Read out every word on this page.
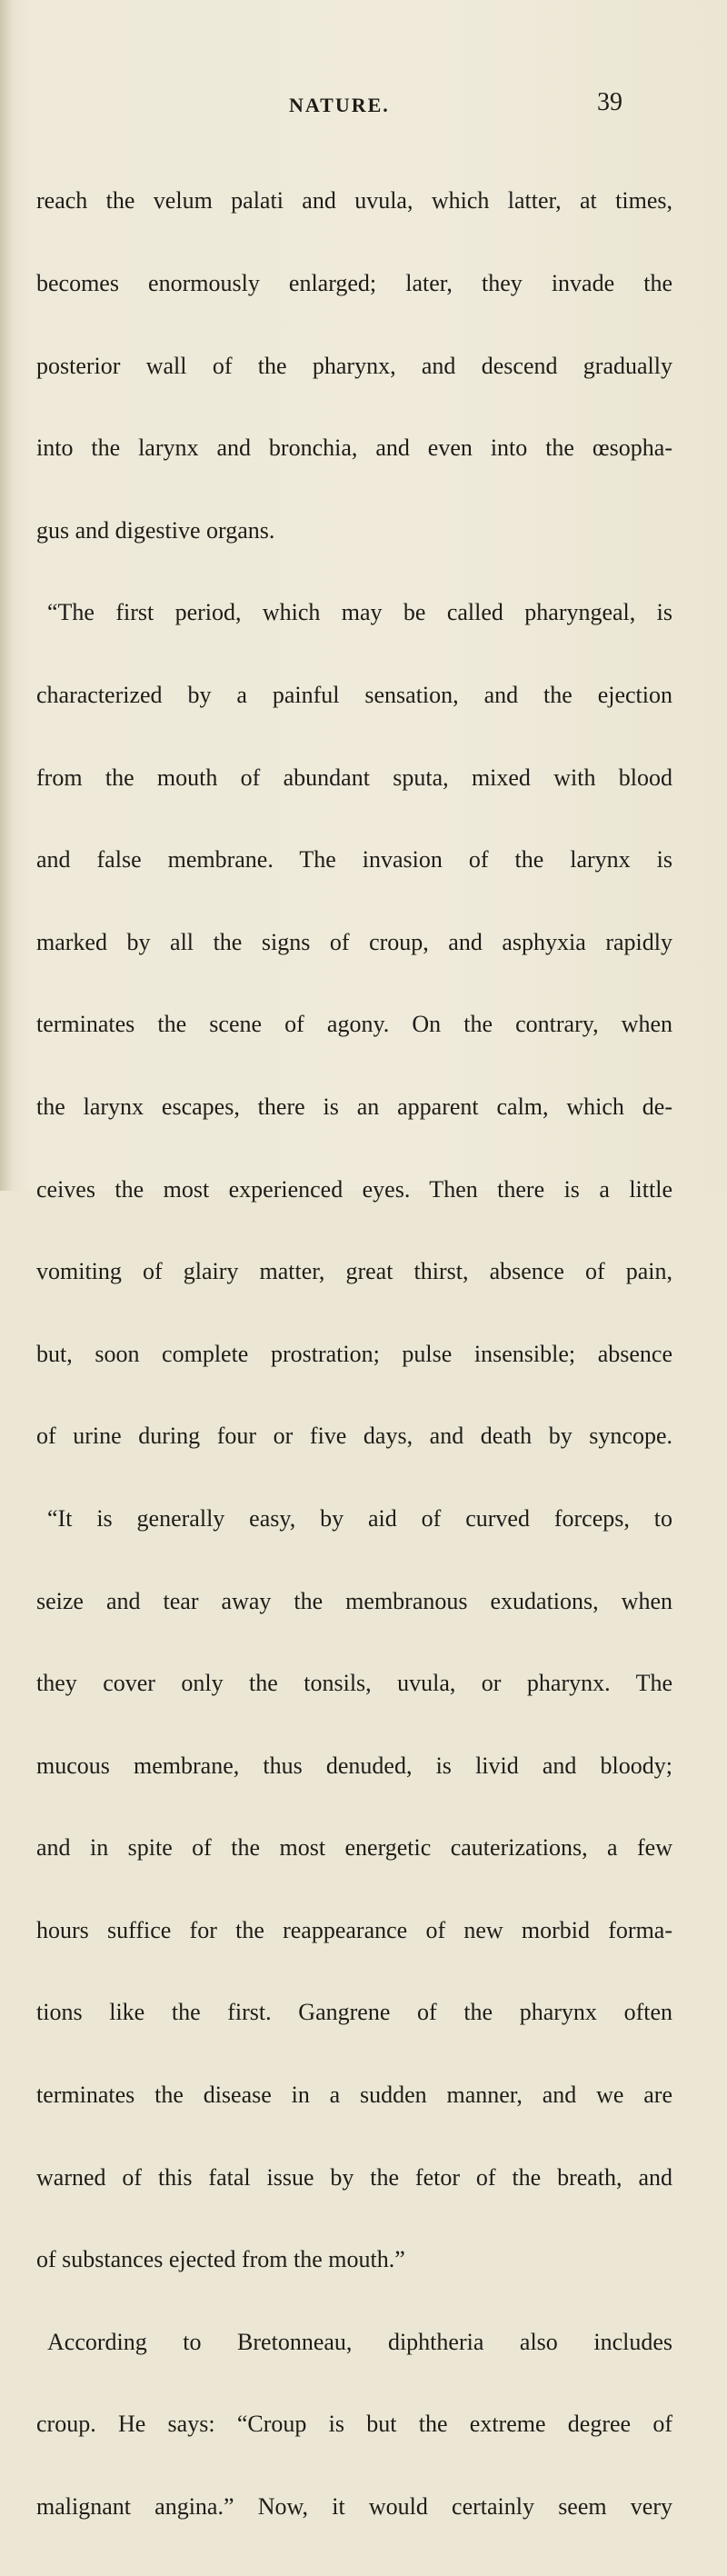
NATURE.	39

reach the velum palati and uvula, which latter, at times,

becomes enormously enlarged; later, they invade the

posterior wall of the pharynx, and descend gradually

into the larynx and bronchia, and even into the œsopha-

gus and digestive organs.

“The first period, which may be called pharyngeal, is

characterized by a painful sensation, and the ejection

from the mouth of abundant sputa, mixed with blood

and false membrane. The invasion of the larynx is

marked by all the signs of croup, and asphyxia rapidly

terminates the scene of agony. On the contrary, when

the larynx escapes, there is an apparent calm, which de-

ceives the most experienced eyes. Then there is a little

vomiting of glairy matter, great thirst, absence of pain,

but, soon complete prostration; pulse insensible; absence

of urine during four or five days, and death by syncope.

“It is generally easy, by aid of curved forceps, to

seize and tear away the membranous exudations, when

they cover only the tonsils, uvula, or pharynx. The

mucous membrane, thus denuded, is livid and bloody;

and in spite of the most energetic cauterizations, a few

hours suffice for the reappearance of new morbid forma-

tions like the first. Gangrene of the pharynx often

terminates the disease in a sudden manner, and we are

warned of this fatal issue by the fetor of the breath, and

of substances ejected from the mouth.”

According to Bretonneau, diphtheria also includes

croup. He says: “Croup is but the extreme degree of

malignant angina.” Now, it would certainly seem very
